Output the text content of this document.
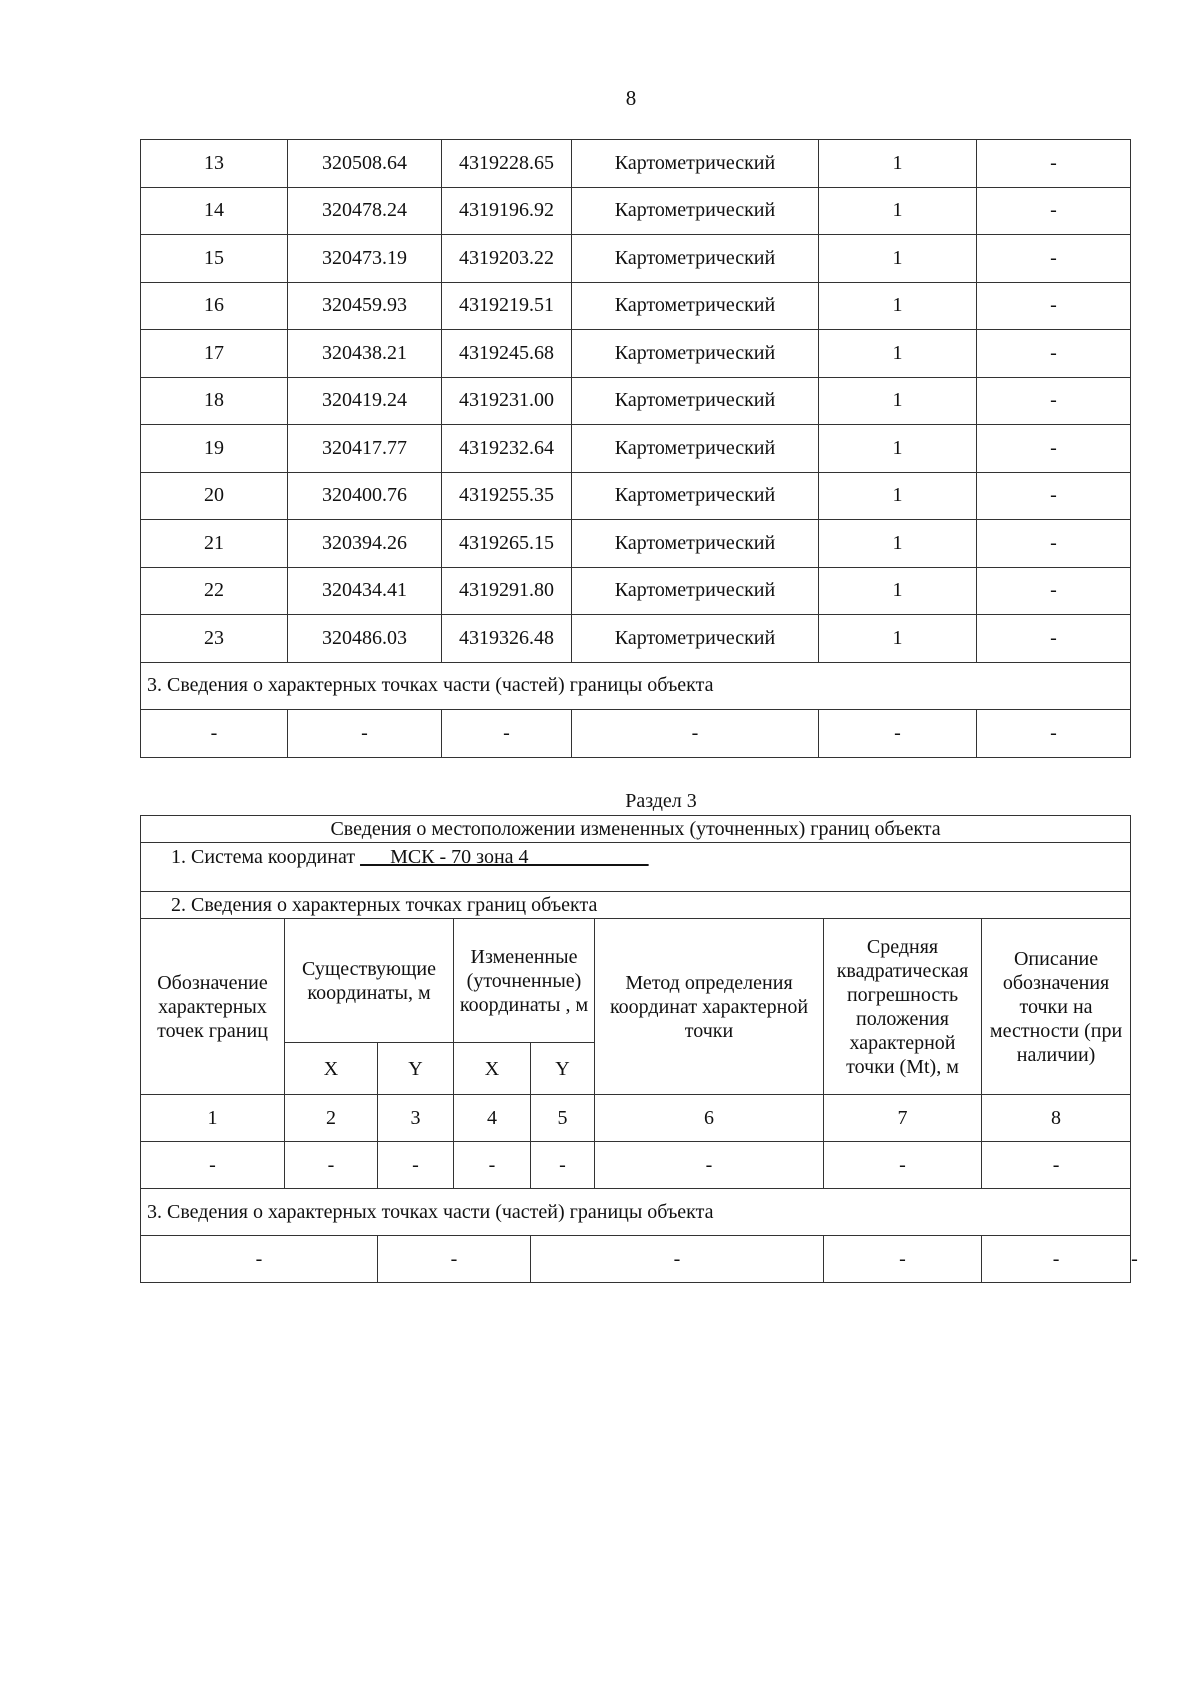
8
13	320508.64	4319228.65	Картометрический	1	-
14	320478.24	4319196.92	Картометрический	1	-
15	320473.19	4319203.22	Картометрический	1	-
16	320459.93	4319219.51	Картометрический	1	-
17	320438.21	4319245.68	Картометрический	1	-
18	320419.24	4319231.00	Картометрический	1	-
19	320417.77	4319232.64	Картометрический	1	-
20	320400.76	4319255.35	Картометрический	1	-
21	320394.26	4319265.15	Картометрический	1	-
22	320434.41	4319291.80	Картометрический	1	-
23	320486.03	4319326.48	Картометрический	1	-
3. Сведения о характерных точках части (частей) границы объекта					
-	-	-	-	-	-
Раздел 3
Сведения о местоположении измененных (уточненных) границ объекта								
1. Система координат ___МСК - 70 зона 4____________								
2. Сведения о характерных точках границ объекта								
Обозначение характерных точек границ	Существующие координаты, м		Измененные (уточненные) координаты , м		Метод определения координат характерной точки	Средняя квадратическая погрешность положения характерной точки (Mt), м	Описание обозначения точки на местности (при наличии)	
	X	Y	X	Y				
1	2	3	4	5	6	7	8	
-	-	-	-	-	-	-	-	
3. Сведения о характерных точках части (частей) границы объекта								
-		-		-		-	-	-
